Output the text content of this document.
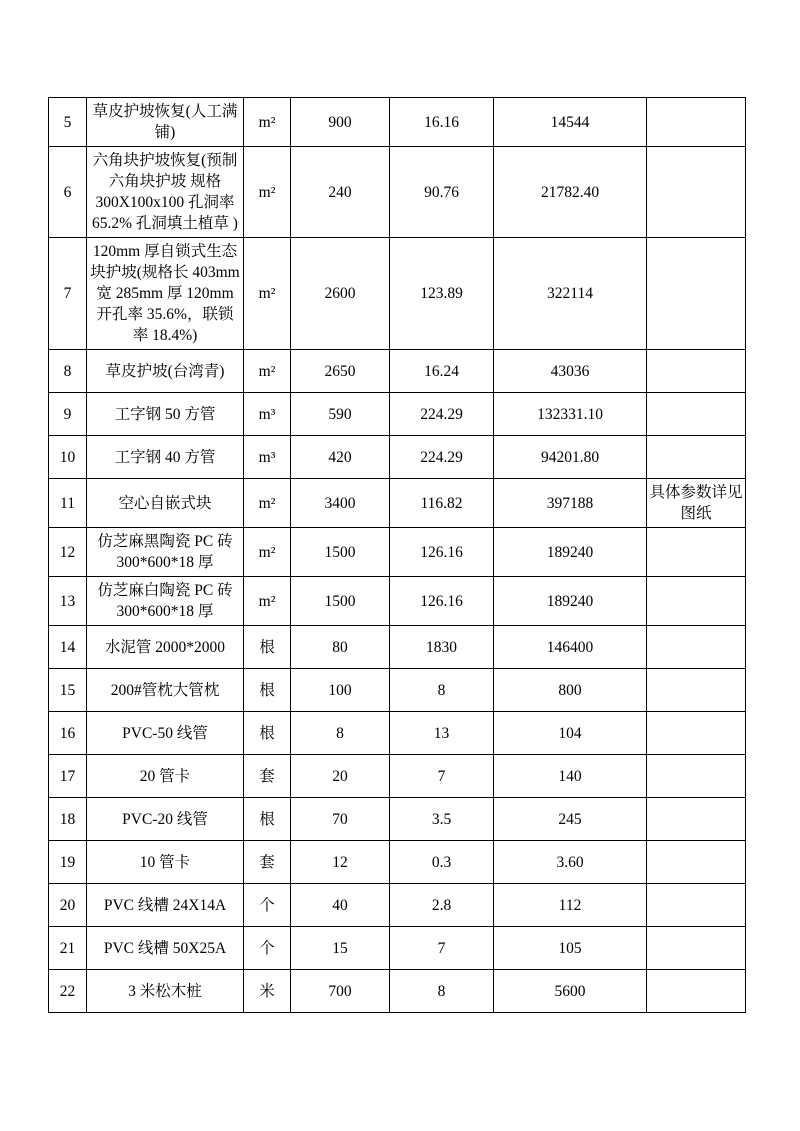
5	草皮护坡恢复(人工满铺)	m²	900	16.16	14544	
6	六角块护坡恢复(预制六角块护坡 规格300X100x100 孔洞率65.2% 孔洞填土植草 )	m²	240	90.76	21782.40	
7	120mm 厚自锁式生态块护坡(规格长 403mm 宽 285mm 厚 120mm 开孔率 35.6%，联锁率 18.4%)	m²	2600	123.89	322114	
8	草皮护坡(台湾青)	m²	2650	16.24	43036	
9	工字钢 50 方管	m³	590	224.29	132331.10	
10	工字钢 40 方管	m³	420	224.29	94201.80	
11	空心自嵌式块	m²	3400	116.82	397188	具体参数详见图纸
12	仿芝麻黑陶瓷 PC 砖 300*600*18 厚	m²	1500	126.16	189240	
13	仿芝麻白陶瓷 PC 砖 300*600*18 厚	m²	1500	126.16	189240	
14	水泥管 2000*2000	根	80	1830	146400	
15	200#管枕大管枕	根	100	8	800	
16	PVC-50 线管	根	8	13	104	
17	20 管卡	套	20	7	140	
18	PVC-20 线管	根	70	3.5	245	
19	10 管卡	套	12	0.3	3.60	
20	PVC 线槽 24X14A	个	40	2.8	112	
21	PVC 线槽 50X25A	个	15	7	105	
22	3 米松木桩	米	700	8	5600	
